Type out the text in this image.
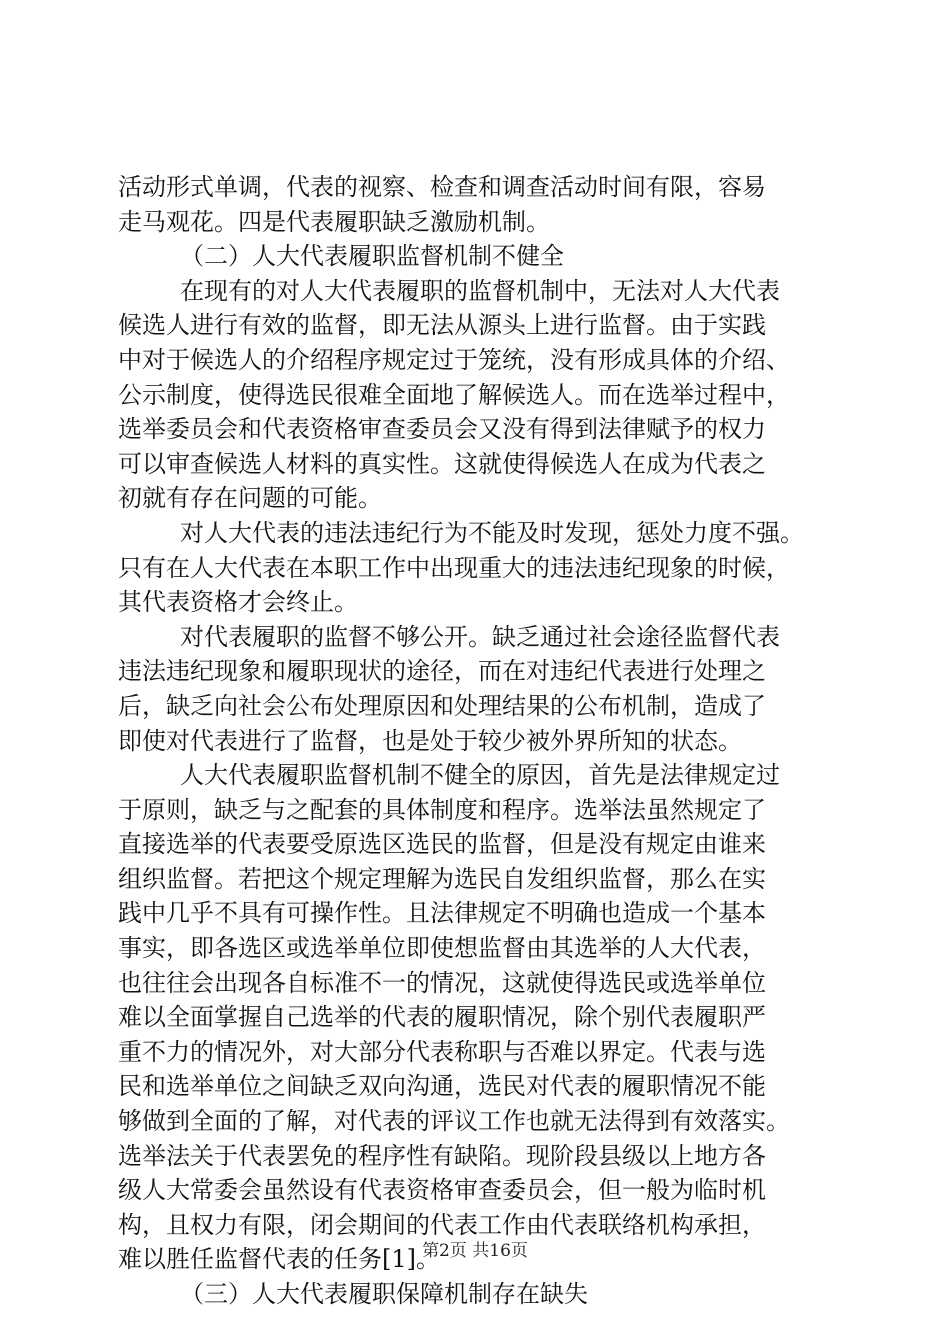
活动形式单调，代表的视察、检查和调查活动时间有限，容易
走马观花。四是代表履职缺乏激励机制。
（二）人大代表履职监督机制不健全
在现有的对人大代表履职的监督机制中，无法对人大代表
候选人进行有效的监督，即无法从源头上进行监督。由于实践
中对于候选人的介绍程序规定过于笼统，没有形成具体的介绍、
公示制度，使得选民很难全面地了解候选人。而在选举过程中，
选举委员会和代表资格审查委员会又没有得到法律赋予的权力
可以审查候选人材料的真实性。这就使得候选人在成为代表之
初就有存在问题的可能。
对人大代表的违法违纪行为不能及时发现，惩处力度不强。
只有在人大代表在本职工作中出现重大的违法违纪现象的时候，
其代表资格才会终止。
对代表履职的监督不够公开。缺乏通过社会途径监督代表
违法违纪现象和履职现状的途径，而在对违纪代表进行处理之
后，缺乏向社会公布处理原因和处理结果的公布机制，造成了
即使对代表进行了监督，也是处于较少被外界所知的状态。
人大代表履职监督机制不健全的原因，首先是法律规定过
于原则，缺乏与之配套的具体制度和程序。选举法虽然规定了
直接选举的代表要受原选区选民的监督，但是没有规定由谁来
组织监督。若把这个规定理解为选民自发组织监督，那么在实
践中几乎不具有可操作性。且法律规定不明确也造成一个基本
事实，即各选区或选举单位即使想监督由其选举的人大代表，
也往往会出现各自标准不一的情况，这就使得选民或选举单位
难以全面掌握自己选举的代表的履职情况，除个别代表履职严
重不力的情况外，对大部分代表称职与否难以界定。代表与选
民和选举单位之间缺乏双向沟通，选民对代表的履职情况不能
够做到全面的了解，对代表的评议工作也就无法得到有效落实。
选举法关于代表罢免的程序性有缺陷。现阶段县级以上地方各
级人大常委会虽然设有代表资格审查委员会，但一般为临时机
构，且权力有限，闭会期间的代表工作由代表联络机构承担，
难以胜任监督代表的任务[1]。
（三）人大代表履职保障机制存在缺失
第2页 共16页
